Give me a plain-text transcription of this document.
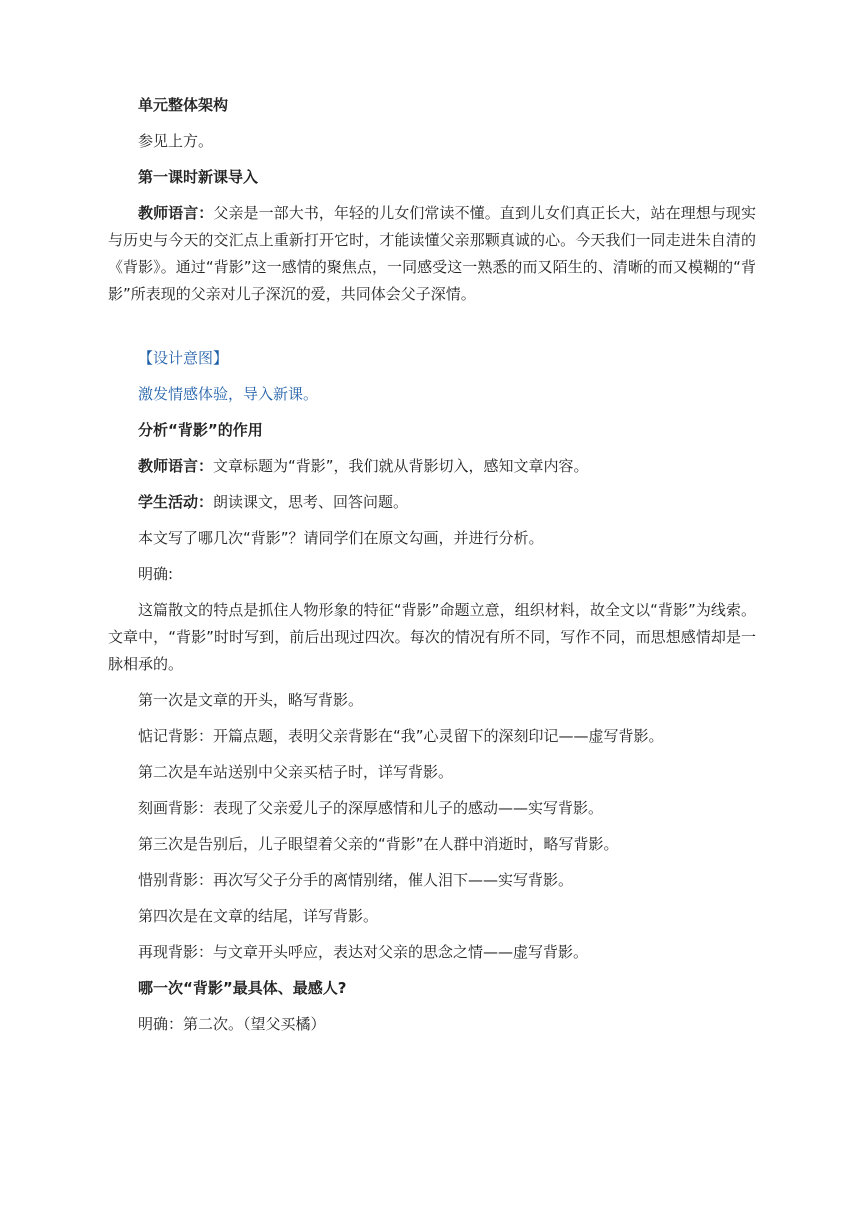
单元整体架构

参见上方。

第一课时新课导入

教师语言：父亲是一部大书，年轻的儿女们常读不懂。直到儿女们真正长大，站在理想与现实与历史与今天的交汇点上重新打开它时，才能读懂父亲那颗真诚的心。今天我们一同走进朱自清的《背影》。通过“背影”这一感情的聚焦点，一同感受这一熟悉的而又陌生的、清晰的而又模糊的“背影”所表现的父亲对儿子深沉的爱，共同体会父子深情。

【设计意图】

激发情感体验，导入新课。

分析“背影”的作用

教师语言：文章标题为“背影”，我们就从背影切入，感知文章内容。

学生活动：朗读课文，思考、回答问题。

本文写了哪几次“背影”？请同学们在原文勾画，并进行分析。

明确:

这篇散文的特点是抓住人物形象的特征“背影”命题立意，组织材料，故全文以“背影”为线索。文章中，“背影”时时写到，前后出现过四次。每次的情况有所不同，写作不同，而思想感情却是一脉相承的。

第一次是文章的开头，略写背影。

惦记背影：开篇点题，表明父亲背影在“我”心灵留下的深刻印记——虚写背影。

第二次是车站送别中父亲买桔子时，详写背影。

刻画背影：表现了父亲爱儿子的深厚感情和儿子的感动——实写背影。

第三次是告别后，儿子眼望着父亲的“背影”在人群中消逝时，略写背影。

惜别背影：再次写父子分手的离情别绪，催人泪下——实写背影。

第四次是在文章的结尾，详写背影。

再现背影：与文章开头呼应，表达对父亲的思念之情——虚写背影。

哪一次“背影”最具体、最感人?

明确：第二次。（望父买橘）
